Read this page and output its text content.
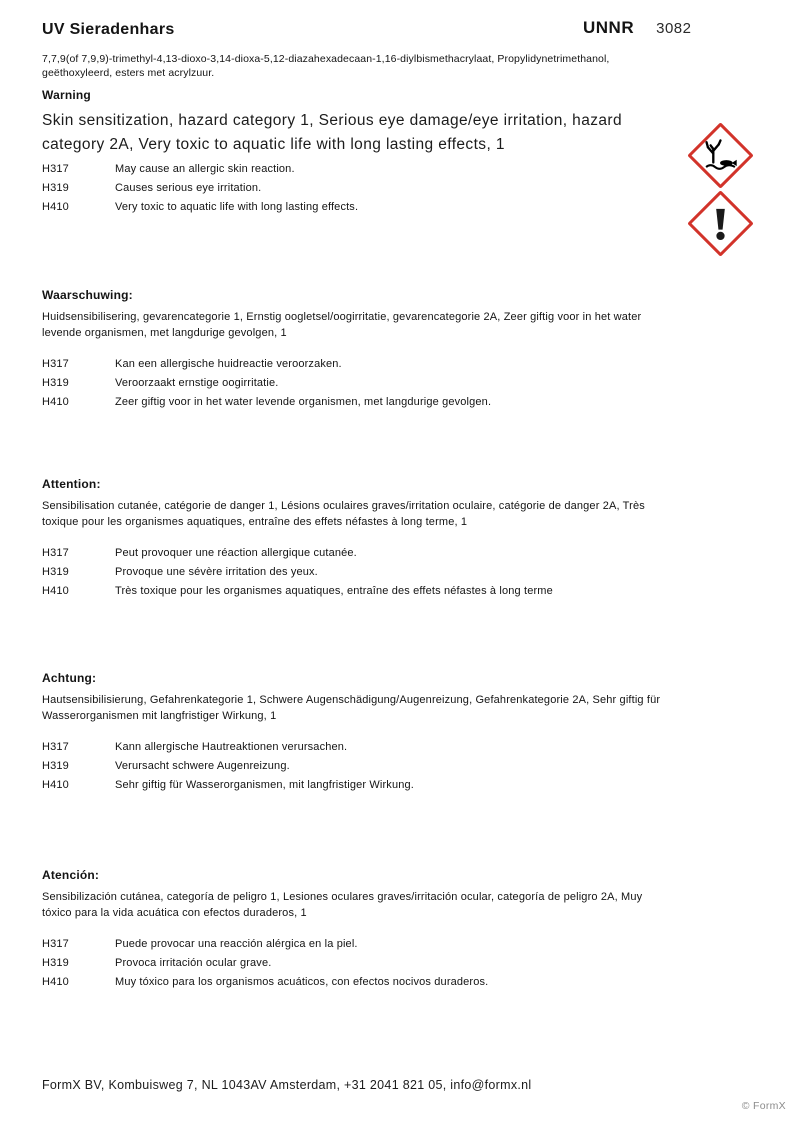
UV Sieradenhars	UNNR 3082
7,7,9(of 7,9,9)-trimethyl-4,13-dioxo-3,14-dioxa-5,12-diazahexadecaan-1,16-diylbismethacrylaat, Propylidynetrimethanol, geëthoxyleerd, esters met acrylzuur.
Warning

Skin sensitization, hazard category 1, Serious eye damage/eye irritation, hazard category 2A, Very toxic to aquatic life with long lasting effects, 1

H317	May cause an allergic skin reaction.
H319	Causes serious eye irritation.
H410	Very toxic to aquatic life with long lasting effects.
Waarschuwing:

Huidsensibilisering, gevarencategorie 1, Ernstig oogletsel/oogirritatie, gevarencategorie 2A, Zeer giftig voor in het water levende organismen, met langdurige gevolgen, 1

H317	Kan een allergische huidreactie veroorzaken.
H319	Veroorzaakt ernstige oogirritatie.
H410	Zeer giftig voor in het water levende organismen, met langdurige gevolgen.
Attention:

Sensibilisation cutanée, catégorie de danger 1, Lésions oculaires graves/irritation oculaire, catégorie de danger 2A, Très toxique pour les organismes aquatiques, entraîne des effets néfastes à long terme, 1

H317	Peut provoquer une réaction allergique cutanée.
H319	Provoque une sévère irritation des yeux.
H410	Très toxique pour les organismes aquatiques, entraîne des effets néfastes à long terme
Achtung:

Hautsensibilisierung, Gefahrenkategorie 1, Schwere Augenschädigung/Augenreizung, Gefahrenkategorie 2A, Sehr giftig für Wasserorganismen mit langfristiger Wirkung, 1

H317	Kann allergische Hautreaktionen verursachen.
H319	Verursacht schwere Augenreizung.
H410	Sehr giftig für Wasserorganismen, mit langfristiger Wirkung.
Atención:

Sensibilización cutánea, categoría de peligro 1, Lesiones oculares graves/irritación ocular, categoría de peligro 2A, Muy tóxico para la vida acuática con efectos duraderos, 1

H317	Puede provocar una reacción alérgica en la piel.
H319	Provoca irritación ocular grave.
H410	Muy tóxico para los organismos acuáticos, con efectos nocivos duraderos.
FormX BV, Kombuisweg 7, NL 1043AV Amsterdam, +31 2041 821 05, info@formx.nl
© FormX
